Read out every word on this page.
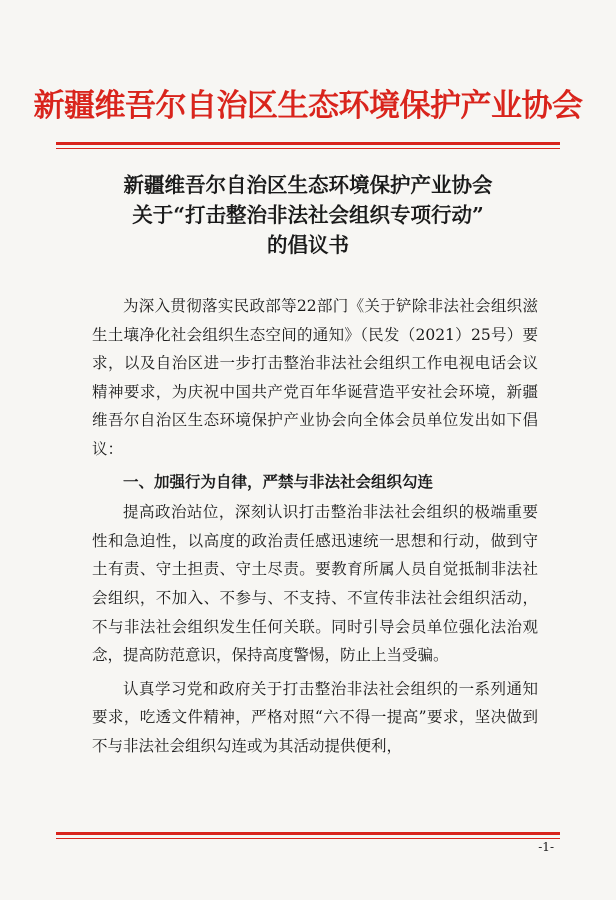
新疆维吾尔自治区生态环境保护产业协会
新疆维吾尔自治区生态环境保护产业协会
关于“打击整治非法社会组织专项行动”
的倡议书

为深入贯彻落实民政部等22部门《关于铲除非法社会组织滋生土壤净化社会组织生态空间的通知》（民发（2021）25号）要求，以及自治区进一步打击整治非法社会组织工作电视电话会议精神要求，为庆祝中国共产党百年华诞营造平安社会环境，新疆维吾尔自治区生态环境保护产业协会向全体会员单位发出如下倡议：

一、加强行为自律，严禁与非法社会组织勾连

提高政治站位，深刻认识打击整治非法社会组织的极端重要性和急迫性，以高度的政治责任感迅速统一思想和行动，做到守土有责、守土担责、守土尽责。要教育所属人员自觉抵制非法社会组织，不加入、不参与、不支持、不宣传非法社会组织活动，不与非法社会组织发生任何关联。同时引导会员单位强化法治观念，提高防范意识，保持高度警惕，防止上当受骗。

认真学习党和政府关于打击整治非法社会组织的一系列通知要求，吃透文件精神，严格对照“六不得一提高”要求，坚决做到不与非法社会组织勾连或为其活动提供便利，

-1-
